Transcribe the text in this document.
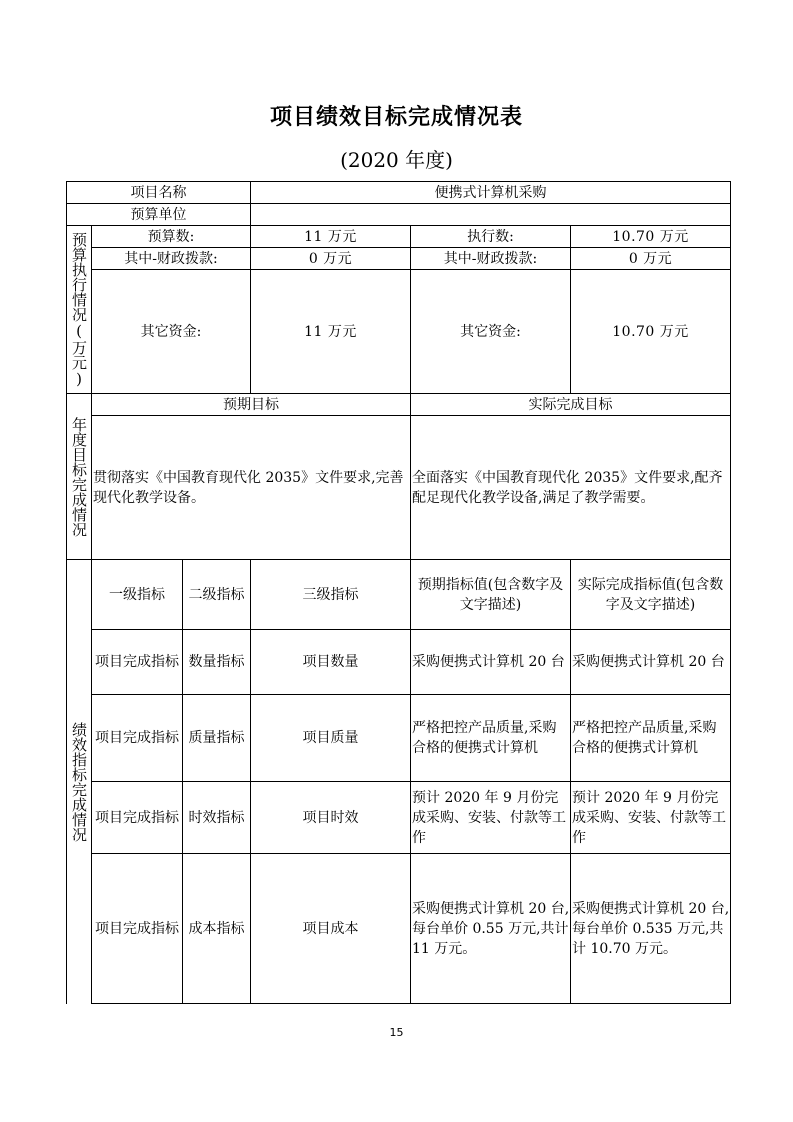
项目绩效目标完成情况表
(2020 年度)
项目名称			便携式计算机采购		
预算单位					
预算执行情况(万元)	预算数:		11 万元	执行数:	10.70 万元
	其中-财政拨款:		0 万元	其中-财政拨款:	0 万元
	其它资金:		11 万元	其它资金:	10.70 万元
年度目标完成情况	预期目标			实际完成目标	
	贯彻落实《中国教育现代化 2035》文件要求,完善现代化教学设备。			全面落实《中国教育现代化 2035》文件要求,配齐配足现代化教学设备,满足了教学需要。	
绩效指标完成情况	一级指标	二级指标	三级指标	预期指标值(包含数字及文字描述)	实际完成指标值(包含数字及文字描述)
	项目完成指标	数量指标	项目数量	采购便携式计算机 20 台	采购便携式计算机 20 台
	项目完成指标	质量指标	项目质量	严格把控产品质量,采购合格的便携式计算机	严格把控产品质量,采购合格的便携式计算机
	项目完成指标	时效指标	项目时效	预计 2020 年 9 月份完成采购、安装、付款等工作	预计 2020 年 9 月份完成采购、安装、付款等工作
	项目完成指标	成本指标	项目成本	采购便携式计算机 20 台,每台单价 0.55 万元,共计 11 万元。	采购便携式计算机 20 台,每台单价 0.535 万元,共计 10.70 万元。
15
